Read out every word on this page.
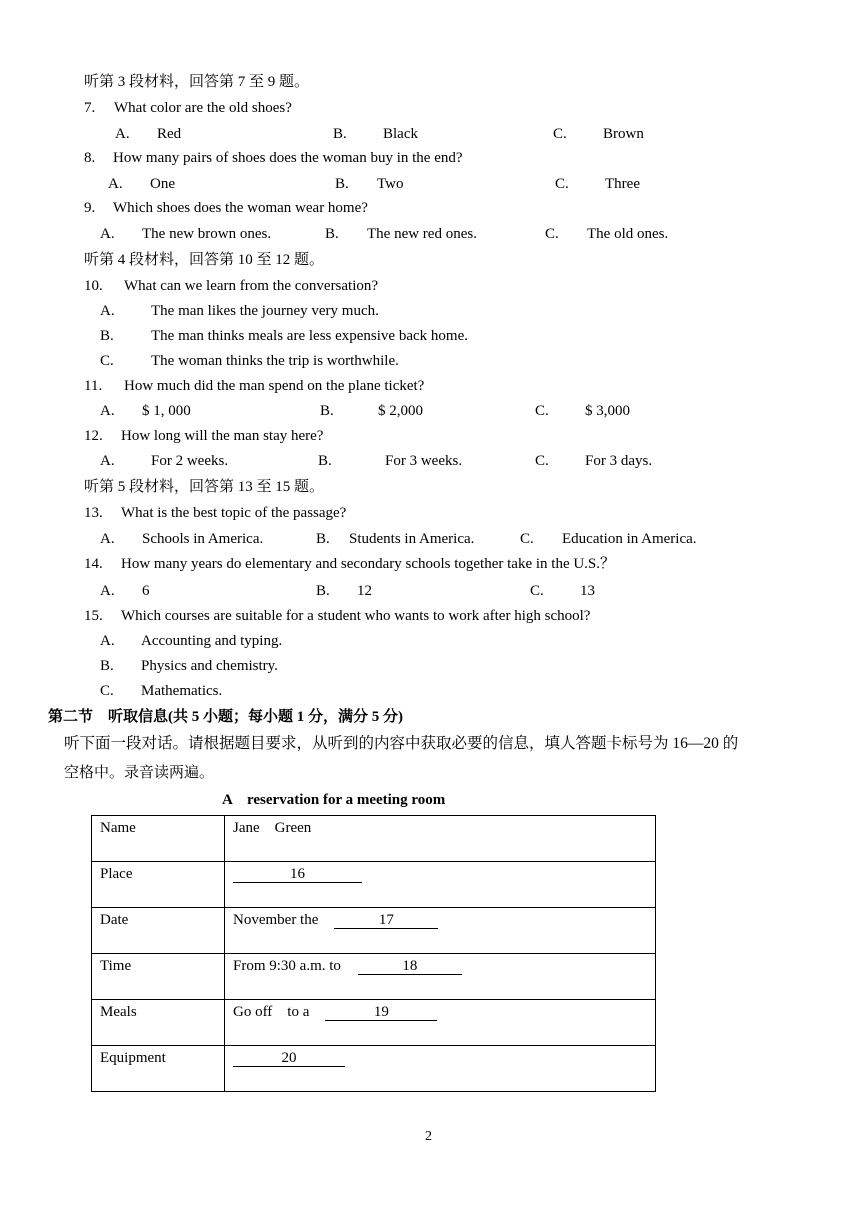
听第 3 段材料，回答第 7 至 9 题。
7. What color are the old shoes?
A. Red	B. Black	C. Brown
8. How many pairs of shoes does the woman buy in the end?
A. One	B. Two	C. Three
9. Which shoes does the woman wear home?
A. The new brown ones.	B. The new red ones.	C. The old ones.
听第 4 段材料，回答第 10 至 12 题。
10. What can we learn from the conversation?
A. The man likes the journey very much.
B. The man thinks meals are less expensive back home.
C. The woman thinks the trip is worthwhile.
11. How much did the man spend on the plane ticket?
A. $ 1, 000	B.	$ 2,000	C. $ 3,000
12. How long will the man stay here?
A. For 2 weeks.	B.	For 3 weeks.	C. For 3 days.
听第 5 段材料，回答第 13 至 15 题。
13. What is the best topic of the passage?
A. Schools in America.	B. Students in America.	C. Education in America.
14. How many years do elementary and secondary schools together take in the U.S.？
A. 6	B. 12	C. 13
15. Which courses are suitable for a student who wants to work after high school?
A. Accounting and typing.
B. Physics and chemistry.
C. Mathematics.
第二节　听取信息(共 5 小题；每小题 1 分，满分 5 分)
听下面一段对话。请根据题目要求，从听到的内容中获取必要的信息，填人答题卡标号为 16—20 的
空格中。录音读两遍。
A　reservation for a meeting room
Name	Jane　Green
Place	16
Date	November the 17
Time	From 9:30 a.m. to 18
Meals	Go off　to a 19
Equipment	20
2
